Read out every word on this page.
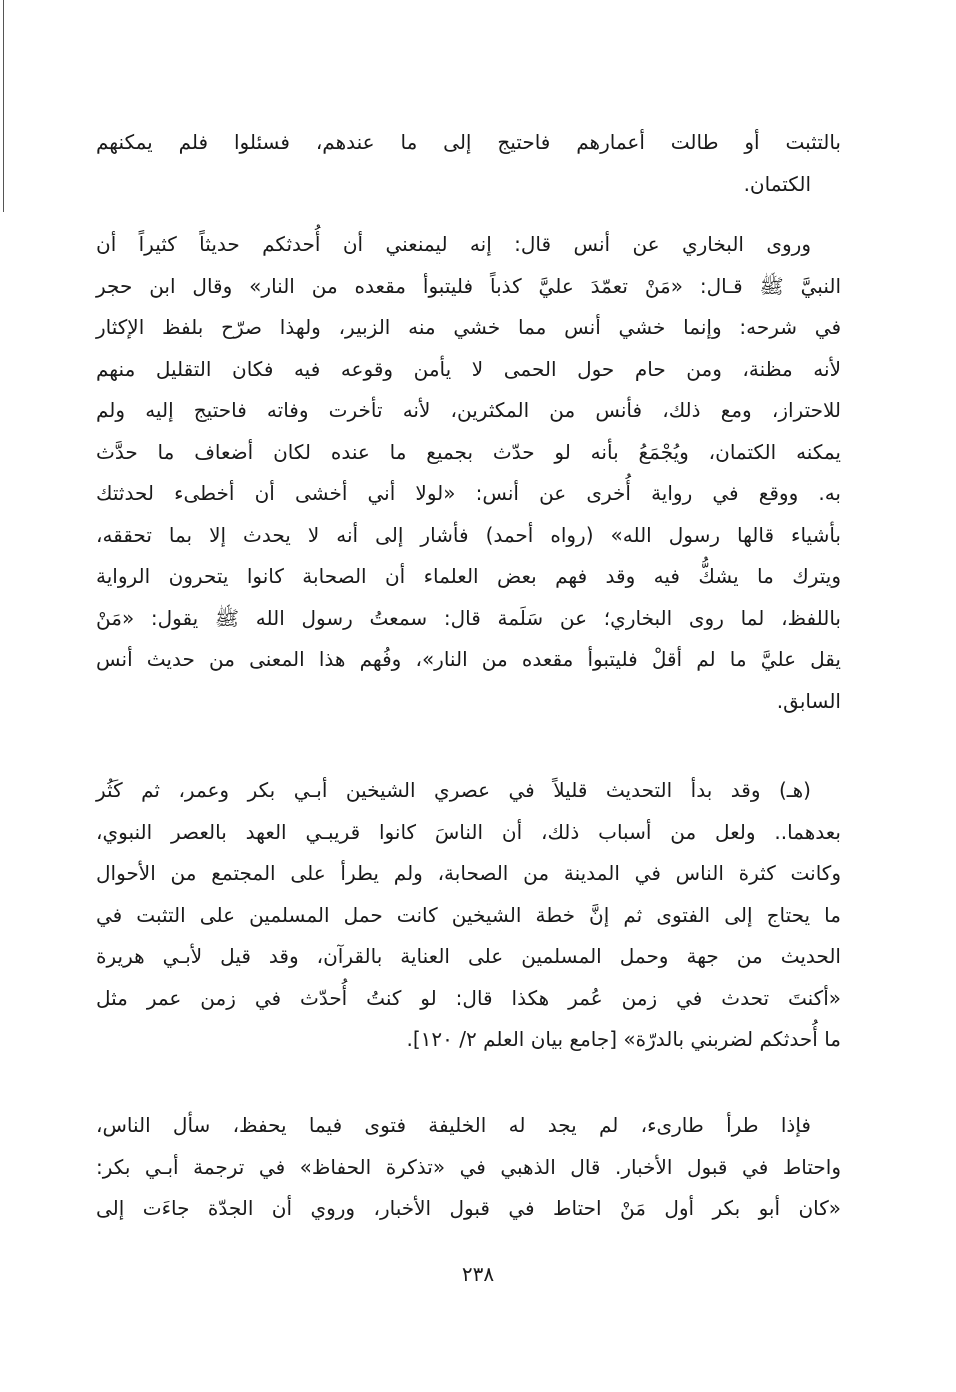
بالتثبت أو طالت أعمارهم فاحتيج إلى ما عندهم، فسئلوا فلم يمكنهم
الكتمان.
وروى البخاري عن أنس قال: إنه ليمنعني أن أُحدثكم حديثاً كثيراً أن
النبيَّ ﷺ قـال: «مَنْ تعمّدَ عليَّ كذباً فليتبوأ مقعده من النار» وقال ابن حجر
في شرحه: وإنما خشي أنس مما خشي منه الزبير، ولهذا صرّح بلفظ الإكثار
لأنه مظنة، ومن حام حول الحمى لا يأمن وقوعه فيه فكان التقليل منهم
للاحتراز، ومع ذلك، فأنس من المكثرين، لأنه تأخرت وفاته فاحتيج إليه ولم
يمكنه الكتمان، ويُجْمَعُ بأنه لو حدّث بجميع ما عنده لكان أضعاف ما حدَّث
به. ووقع في رواية أُخرى عن أنس: «لولا أني أخشى أن أخطىء لحدثتك
بأشياء قالها رسول الله» (رواه أحمد) فأشار إلى أنه لا يحدث إلا بما تحققه،
ويترك ما يشكُّ فيه وقد فهم بعض العلماء أن الصحابة كانوا يتحرون الرواية
باللفظ، لما روى البخاري؛ عن سَلَمة قال: سمعتُ رسول الله ﷺ يقول: «مَنْ
يقل عليَّ ما لم أقلْ فليتبوأ مقعده من النار»، وفُهم هذا المعنى من حديث أنس
السابق.
(هـ) وقد بدأ التحديث قليلاً في عصري الشيخين أبـي بكر وعمر، ثم كَثُر
بعدهما.. ولعل من أسباب ذلك، أن الناسَ كانوا قريبـي العهد بالعصر النبوي،
وكانت كثرة الناس في المدينة من الصحابة، ولم يطرأ على المجتمع من الأحوال
ما يحتاج إلى الفتوى ثم إنَّ خطة الشيخين كانت حمل المسلمين على التثبت في
الحديث من جهة وحمل المسلمين على العناية بالقرآن، وقد قيل لأبـي هريرة
«أكنتَ تحدث في زمن عُمر هكذا قال: لو كنتُ أُحدّث في زمن عمر مثل
ما أُحدثكم لضربني بالدرّة» [جامع بيان العلم ٢/ ١٢٠].
فإذا طرأ طارىء، لم يجد له الخليفة فتوى فيما يحفظ، سأل الناس،
واحتاط في قبول الأخبار. قال الذهبي في «تذكرة الحفاظ» في ترجمة أبـي بكر:
«كان أبو بكر أول مَنْ احتاط في قبول الأخبار، وروي أن الجدّة جاءَت إلى
٢٣٨
